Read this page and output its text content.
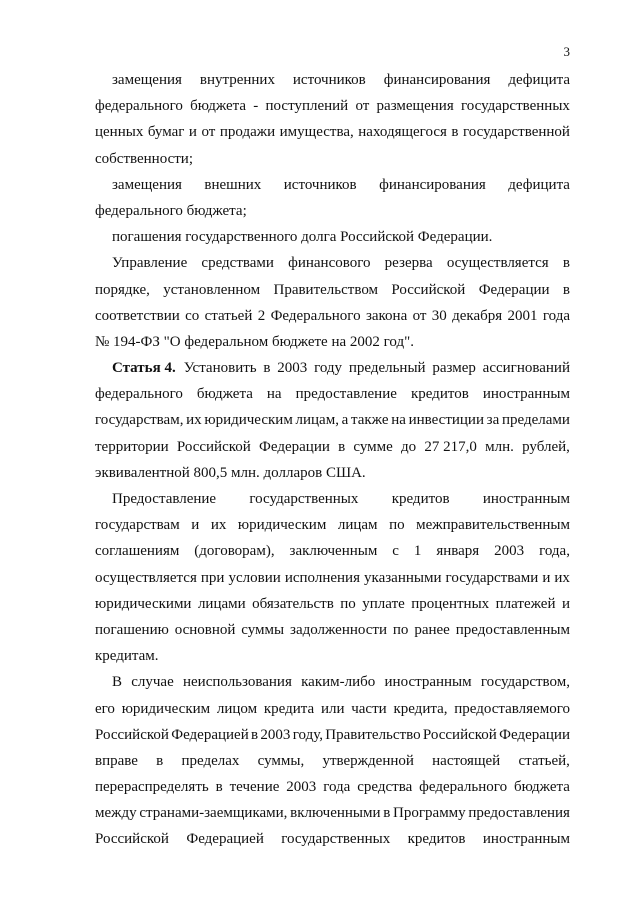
3
замещения внутренних источников финансирования дефицита
федерального бюджета - поступлений от размещения государственных
ценных бумаг и от продажи имущества, находящегося в государственной
собственности;
замещения внешних источников финансирования дефицита
федерального бюджета;
погашения государственного долга Российской Федерации.
Управление средствами финансового резерва осуществляется в
порядке, установленном Правительством Российской Федерации в
соответствии со статьей 2 Федерального закона от 30 декабря 2001 года
№ 194-ФЗ "О федеральном бюджете на 2002 год".
Статья 4. Установить в 2003 году предельный размер ассигнований
федерального бюджета на предоставление кредитов иностранным
государствам, их юридическим лицам, а также на инвестиции за пределами
территории Российской Федерации в сумме до 27 217,0 млн. рублей,
эквивалентной 800,5 млн. долларов США.
Предоставление государственных кредитов иностранным
государствам и их юридическим лицам по межправительственным
соглашениям (договорам), заключенным с 1 января 2003 года,
осуществляется при условии исполнения указанными государствами и их
юридическими лицами обязательств по уплате процентных платежей и
погашению основной суммы задолженности по ранее предоставленным
кредитам.
В случае неиспользования каким-либо иностранным государством,
его юридическим лицом кредита или части кредита, предоставляемого
Российской Федерацией в 2003 году, Правительство Российской Федерации
вправе в пределах суммы, утвержденной настоящей статьей,
перераспределять в течение 2003 года средства федерального бюджета
между странами-заемщиками, включенными в Программу предоставления
Российской Федерацией государственных кредитов иностранным
